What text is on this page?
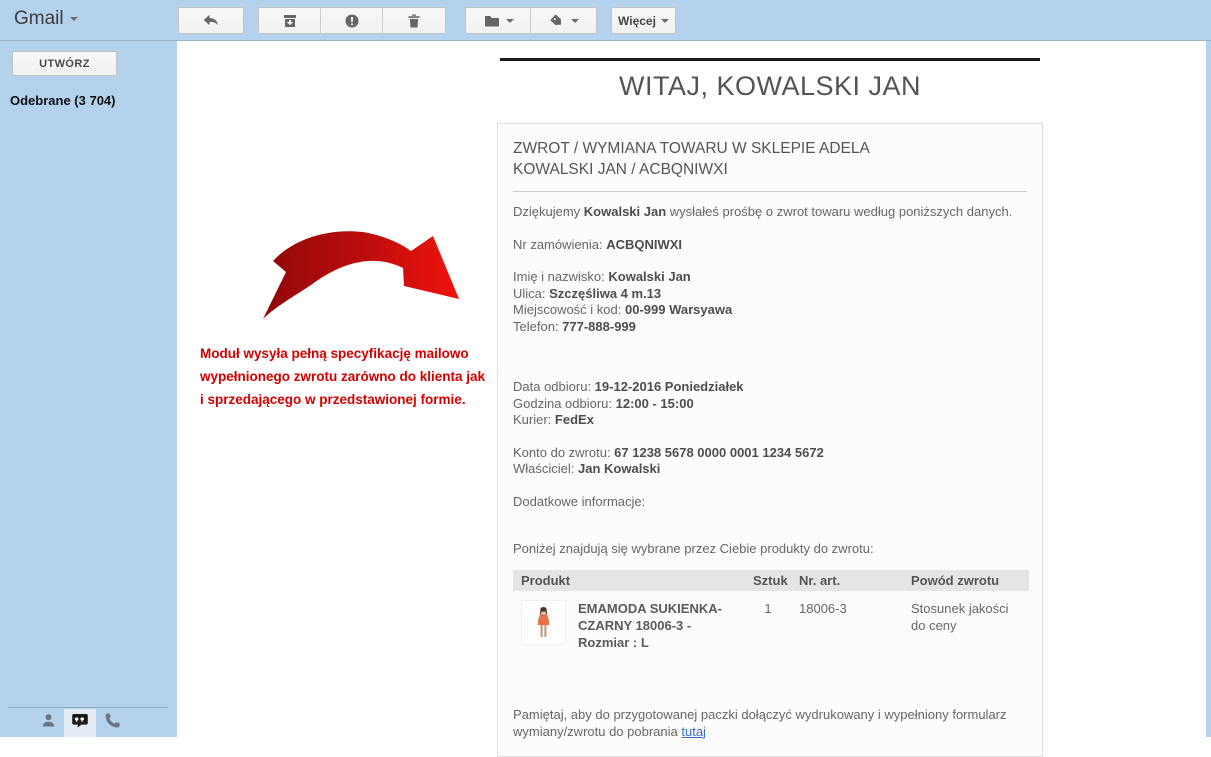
Gmail	Więcej
UTWÓRZ
Odebrane (3 704)	WITAJ, KOWALSKI JAN
Moduł wysyła pełną specyfikację mailowo wypełnionego zwrotu zarówno do klienta jak i sprzedającego w przedstawionej formie.
ZWROT / WYMIANA TOWARU W SKLEPIE ADELA
KOWALSKI JAN / ACBQNIWXI

Dziękujemy Kowalski Jan wysłałeś prośbę o zwrot towaru według poniższych danych.

Nr zamówienia: ACBQNIWXI

Imię i nazwisko: Kowalski Jan
Ulica: Szczęśliwa 4 m.13
Miejscowość i kod: 00-999 Warsyawa
Telefon: 777-888-999
Data odbioru: 19-12-2016 Poniedziałek
Godzina odbioru: 12:00 - 15:00
Kurier: FedEx
Konto do zwrotu: 67 1238 5678 0000 0001 1234 5672
Właściciel: Jan Kowalski

Dodatkowe informacje:

Poniżej znajdują się wybrane przez Ciebie produkty do zwrotu:

Produkt	Sztuk	Nr. art.	Powód zwrotu

EMAMODA SUKIENKA-CZARNY 18006-3 - Rozmiar : L	1	18006-3	Stosunek jakości do ceny

Pamiętaj, aby do przygotowanej paczki dołączyć wydrukowany i wypełniony formularz wymiany/zwrotu do pobrania tutaj
